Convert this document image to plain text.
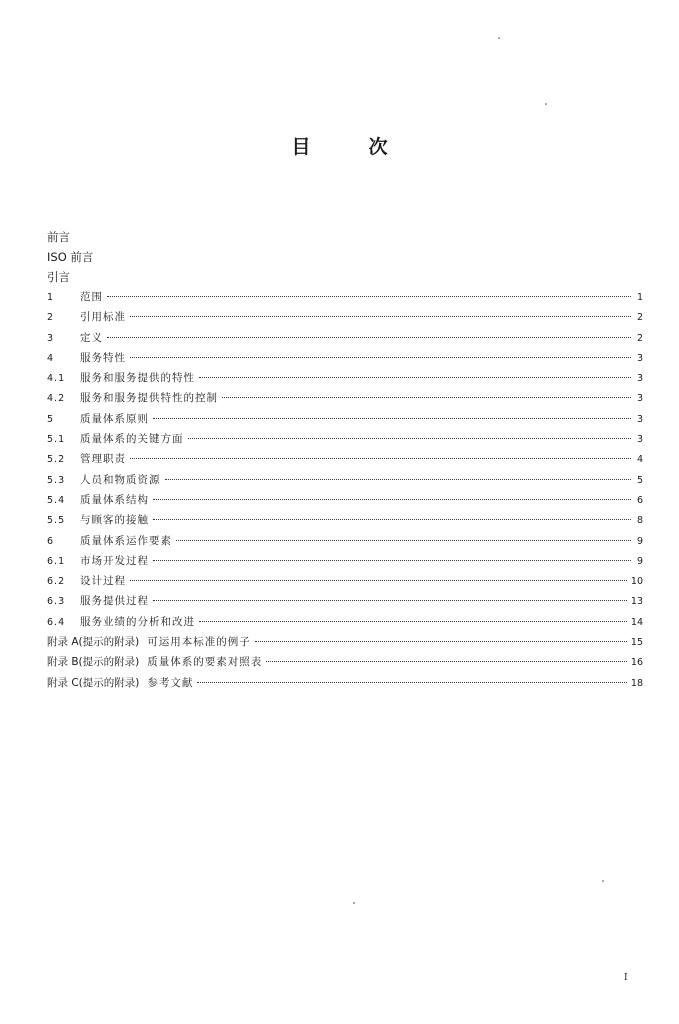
目	次
前言
ISO 前言
引言
1	范围	1
2	引用标准	2
3	定义	2
4	服务特性	3
4.1	服务和服务提供的特性	3
4.2	服务和服务提供特性的控制	3
5	质量体系原则	3
5.1	质量体系的关键方面	3
5.2	管理职责	4
5.3	人员和物质资源	5
5.4	质量体系结构	6
5.5	与顾客的接触	8
6	质量体系运作要素	9
6.1	市场开发过程	9
6.2	设计过程	10
6.3	服务提供过程	13
6.4	服务业绩的分析和改进	14
附录 A(提示的附录) 可运用本标准的例子	15
附录 B(提示的附录) 质量体系的要素对照表	16
附录 C(提示的附录) 参考文献	18
I
